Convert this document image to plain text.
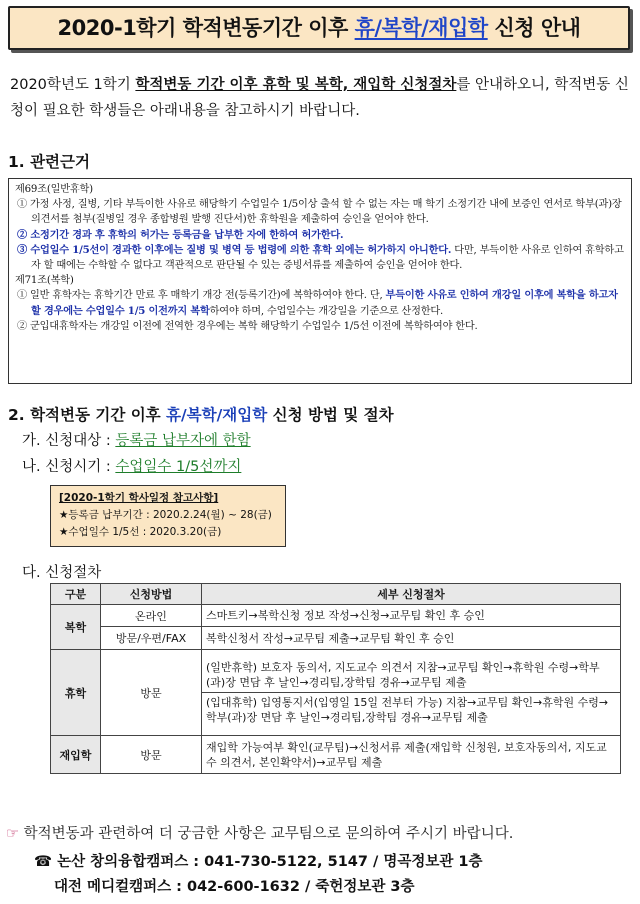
2020-1학기 학적변동기간 이후 휴/복학/재입학 신청 안내
2020학년도 1학기 학적변동 기간 이후 휴학 및 복학, 재입학 신청절차를 안내하오니, 학적변동 신청이 필요한 학생들은 아래내용을 참고하시기 바랍니다.
1. 관련근거
제69조(일반휴학)
① 가정 사정, 질병, 기타 부득이한 사유로 해당학기 수업일수 1/5이상 출석 할 수 없는 자는 매 학기 소정기간 내에 보증인 연서로 학부(과)장 의견서를 첨부(질병일 경우 종합병원 발행 진단서)한 휴학원을 제출하여 승인을 얻어야 한다.
② 소정기간 경과 후 휴학의 허가는 등록금을 납부한 자에 한하여 허가한다.
③ 수업일수 1/5선이 경과한 이후에는 질병 및 병역 등 법령에 의한 휴학 외에는 허가하지 아니한다. 다만, 부득이한 사유로 인하여 휴학하고자 할 때에는 수학할 수 없다고 객관적으로 판단될 수 있는 증빙서류를 제출하여 승인을 얻어야 한다.
제71조(복학)
① 일반 휴학자는 휴학기간 만료 후 매학기 개강 전(등록기간)에 복학하여야 한다. 단, 부득이한 사유로 인하여 개강일 이후에 복학을 하고자 할 경우에는 수업일수 1/5 이전까지 복학하여야 하며, 수업일수는 개강일을 기준으로 산정한다.
② 군입대휴학자는 개강일 이전에 전역한 경우에는 복학 해당학기 수업일수 1/5선 이전에 복학하여야 한다.
2. 학적변동 기간 이후 휴/복학/재입학 신청 방법 및 절차
가. 신청대상 : 등록금 납부자에 한함
나. 신청시기 : 수업일수 1/5선까지
[2020-1학기 학사일정 참고사항]
★등록금 납부기간 : 2020.2.24(월) ~ 28(금)
★수업일수 1/5선 : 2020.3.20(금)
다. 신청절차
구분	신청방법	세부 신청절차
복학	온라인	스마트키→복학신청 정보 작성→신청→교무팀 확인 후 승인
	방문/우편/FAX	복학신청서 작성→교무팀 제출→교무팀 확인 후 승인
휴학	방문	(일반휴학) 보호자 동의서, 지도교수 의견서 지참→교무팀 확인→휴학원 수령→학부(과)장 면담 후 날인→경리팀,장학팀 경유→교무팀 제출
(입대휴학) 입영통지서(입영일 15일 전부터 가능) 지참→교무팀 확인→휴학원 수령→학부(과)장 면담 후 날인→경리팀,장학팀 경유→교무팀 제출

재입학	방문	재입학 가능여부 확인(교무팀)→신청서류 제출(재입학 신청원, 보호자동의서, 지도교수 의견서, 본인확약서)→교무팀 제출
☞ 학적변동과 관련하여 더 궁금한 사항은 교무팀으로 문의하여 주시기 바랍니다.
☎ 논산 창의융합캠퍼스 : 041-730-5122, 5147 / 명곡정보관 1층
대전 메디컬캠퍼스 : 042-600-1632 / 죽헌정보관 3층
